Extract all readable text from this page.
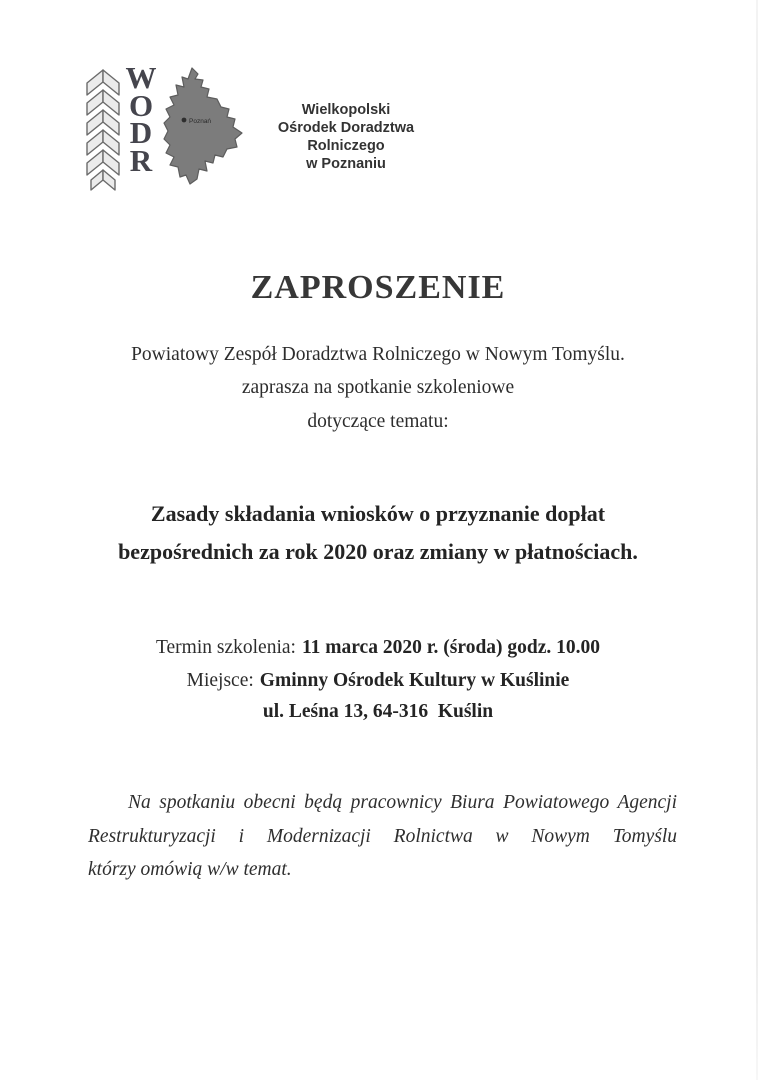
W
O
D
R
Poznań
Wielkopolski
Ośrodek Doradztwa Rolniczego
w Poznaniu
ZAPROSZENIE

Powiatowy Zespół Doradztwa Rolniczego w Nowym Tomyślu.

zaprasza na spotkanie szkoleniowe

dotyczące tematu:

Zasady składania wniosków o przyznanie dopłat
bezpośrednich za rok 2020 oraz zmiany w płatnościach.

Termin szkolenia: 11 marca 2020 r. (środa) godz. 10.00

Miejsce: Gminny Ośrodek Kultury w Kuślinie

ul. Leśna 13, 64-316  Kuślin

Na spotkaniu obecni będą pracownicy Biura Powiatowego Agencji
Restrukturyzacji i Modernizacji Rolnictwa w Nowym Tomyślu
którzy omówią w/w temat.
